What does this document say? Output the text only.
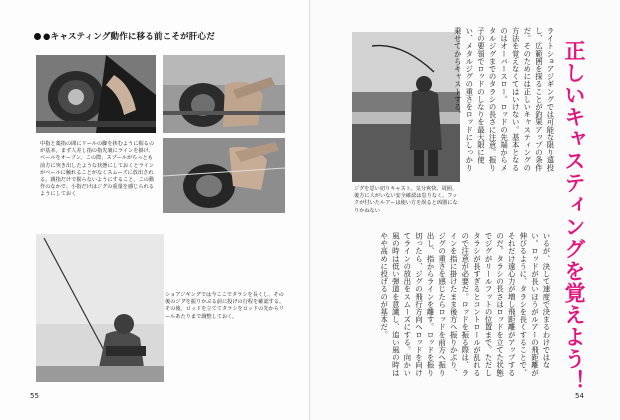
●キャスティング動作に移る前こそが肝心だ
中指と薬指の間にリールの脚を挟むように握るのが基本。まず人差し指の指先裏にラインを掛け、ベールをオープン。この際、スプールがちっとも前方に突き出したような状態にしておくとラインがベールに触れることがなくスムーズに放出される。親指だけで握らないようにすること、この動作のなかで、小指だけはジグの重量を感じられるようにしておく
ショアジギングでは今ここでタラシを長くし、その後のジグを振りかぶる前に投げの行程を確認する。その後、ロッドを立ててタラシをロッドの先からリールあたりまで調整しておく。
55
ジグを思い切りキャスト。気分爽快、周囲、後方に人がいない安全確認は怠りなく。フックが付いたルアーは使い方を誤ると凶器になりかねない
ライトショアジギングでは可能な限り遠投し、広範囲を探ることが釣果アップの条件だ。そのためには正しいキャスティングの方法を覚えなくてはいけない。基本となるのはオーバースロー。ロッドの先端からメタルジグまでのタラシの長さに注意。振り子の要領でロッドのしなりを最大限に使い、メタルジグの重さをロッドにしっかり乗せてからキャストする。
いるが、決して速度で決まるわけではない。ロッドが長いほうがルアーの飛距離が伸びるように、タラシを長くすることで、それだけ遠心力が増し飛距離がアップするのだ。タラシの長さはロッドを立てた状態でジグがリールフットの位置まで。ただしタラシが長すぎるとコントロールが乱れるので注意が必要だ。ロッドを振る際は、ラインを指に掛けたまま後方へ振りかぶり、ジグの重さを感じたらロッドを前方へ振り出し、指からラインを離す。ロッドを振り切ったら、ジグの飛行方向へロッドを向けてラインの放出をスムーズにする。向かい風の時は低い弾道を意識し、追い風の時はやや高めに投げるのが基本だ。	正しいキャスティングを覚えよう！
54
